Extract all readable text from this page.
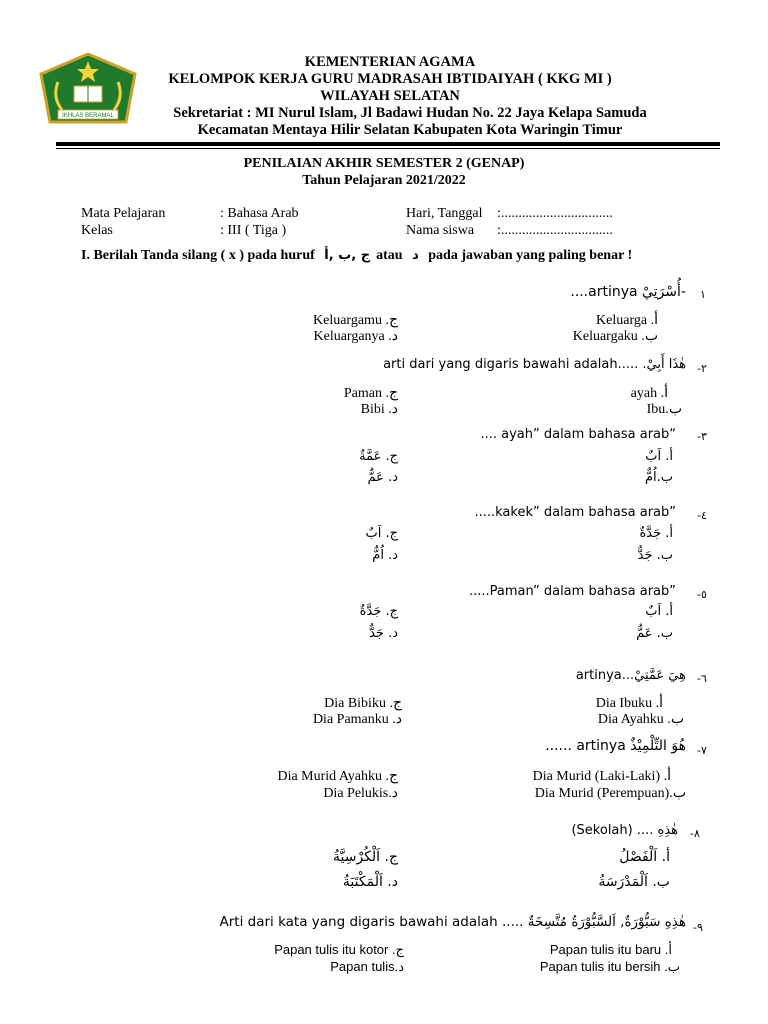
IKHLAS BERAMAL
KEMENTERIAN AGAMA
KELOMPOK KERJA GURU MADRASAH IBTIDAIYAH ( KKG MI )
WILAYAH SELATAN
Sekretariat : MI Nurul Islam, Jl Badawi Hudan No. 22 Jaya Kelapa Samuda
Kecamatan Mentaya Hilir Selatan Kabupaten Kota Waringin Timur
PENILAIAN AKHIR SEMESTER 2 (GENAP)
Tahun Pelajaran 2021/2022
Mata Pelajaran	: Bahasa Arab	Hari, Tanggal :................................
Kelas	: III ( Tiga )	Nama siswa :................................
I. Berilah Tanda silang ( x ) pada huruf ج ,ب ,أ atau د pada jawaban yang paling benar !
١
....artinya أُسْرَتِيْ-
Keluarga .أ
Keluargaku .ب
Keluargamu .ج
Keluarganya .د
-٢
هٰذَا أَبِيْ. .....arti dari yang digaris bawahi adalah
ayah .أ
Ibu.ب
Paman .ج
Bibi .د
-٣
.... ayah” dalam bahasa arab“
أ. اَبٌ
ب.اُمٌّ
ج. عَمَّةٌ
د. عَمٌّ
-٤
.....kakek” dalam bahasa arab”
أ. جَدَّةٌ
ب. جَدٌّ
ج. اَبٌ
د. اُمٌّ
-٥
.....Paman” dalam bahasa arab”
أ. اَبٌ
ب. عَمٌّ
ج. جَدَّةٌ
د. جَدٌّ
-٦
هِيَ عَمَّتِيْ...artinya
Dia Ibuku .أ
Dia Ayahku .ب
Dia Bibiku .ج
Dia Pamanku .د
-٧
هُوَ التِّلْمِيْذٌ artinya ......
Dia Murid (Laki-Laki) .أ
Dia Murid (Perempuan).ب
Dia Murid Ayahku .ج
Dia Pelukis.د
-٨
هٰذِهِ .... (Sekolah)
أ. اَلْفَصْلُ
ب. اَلْمَدْرَسَةُ
ج. اَلْكُرْسِيَّةُ
د. اَلْمَكْتَبَةُ
-٩
هٰذِهِ سَبُّوْرَةٌ, اَلسَّبُّوْرَةُ مُتَّسِخَةٌ ..... Arti dari kata yang digaris bawahi adalah
Papan tulis itu baru .أ
Papan tulis itu bersih .ب
Papan tulis itu kotor .ج
Papan tulis.د
